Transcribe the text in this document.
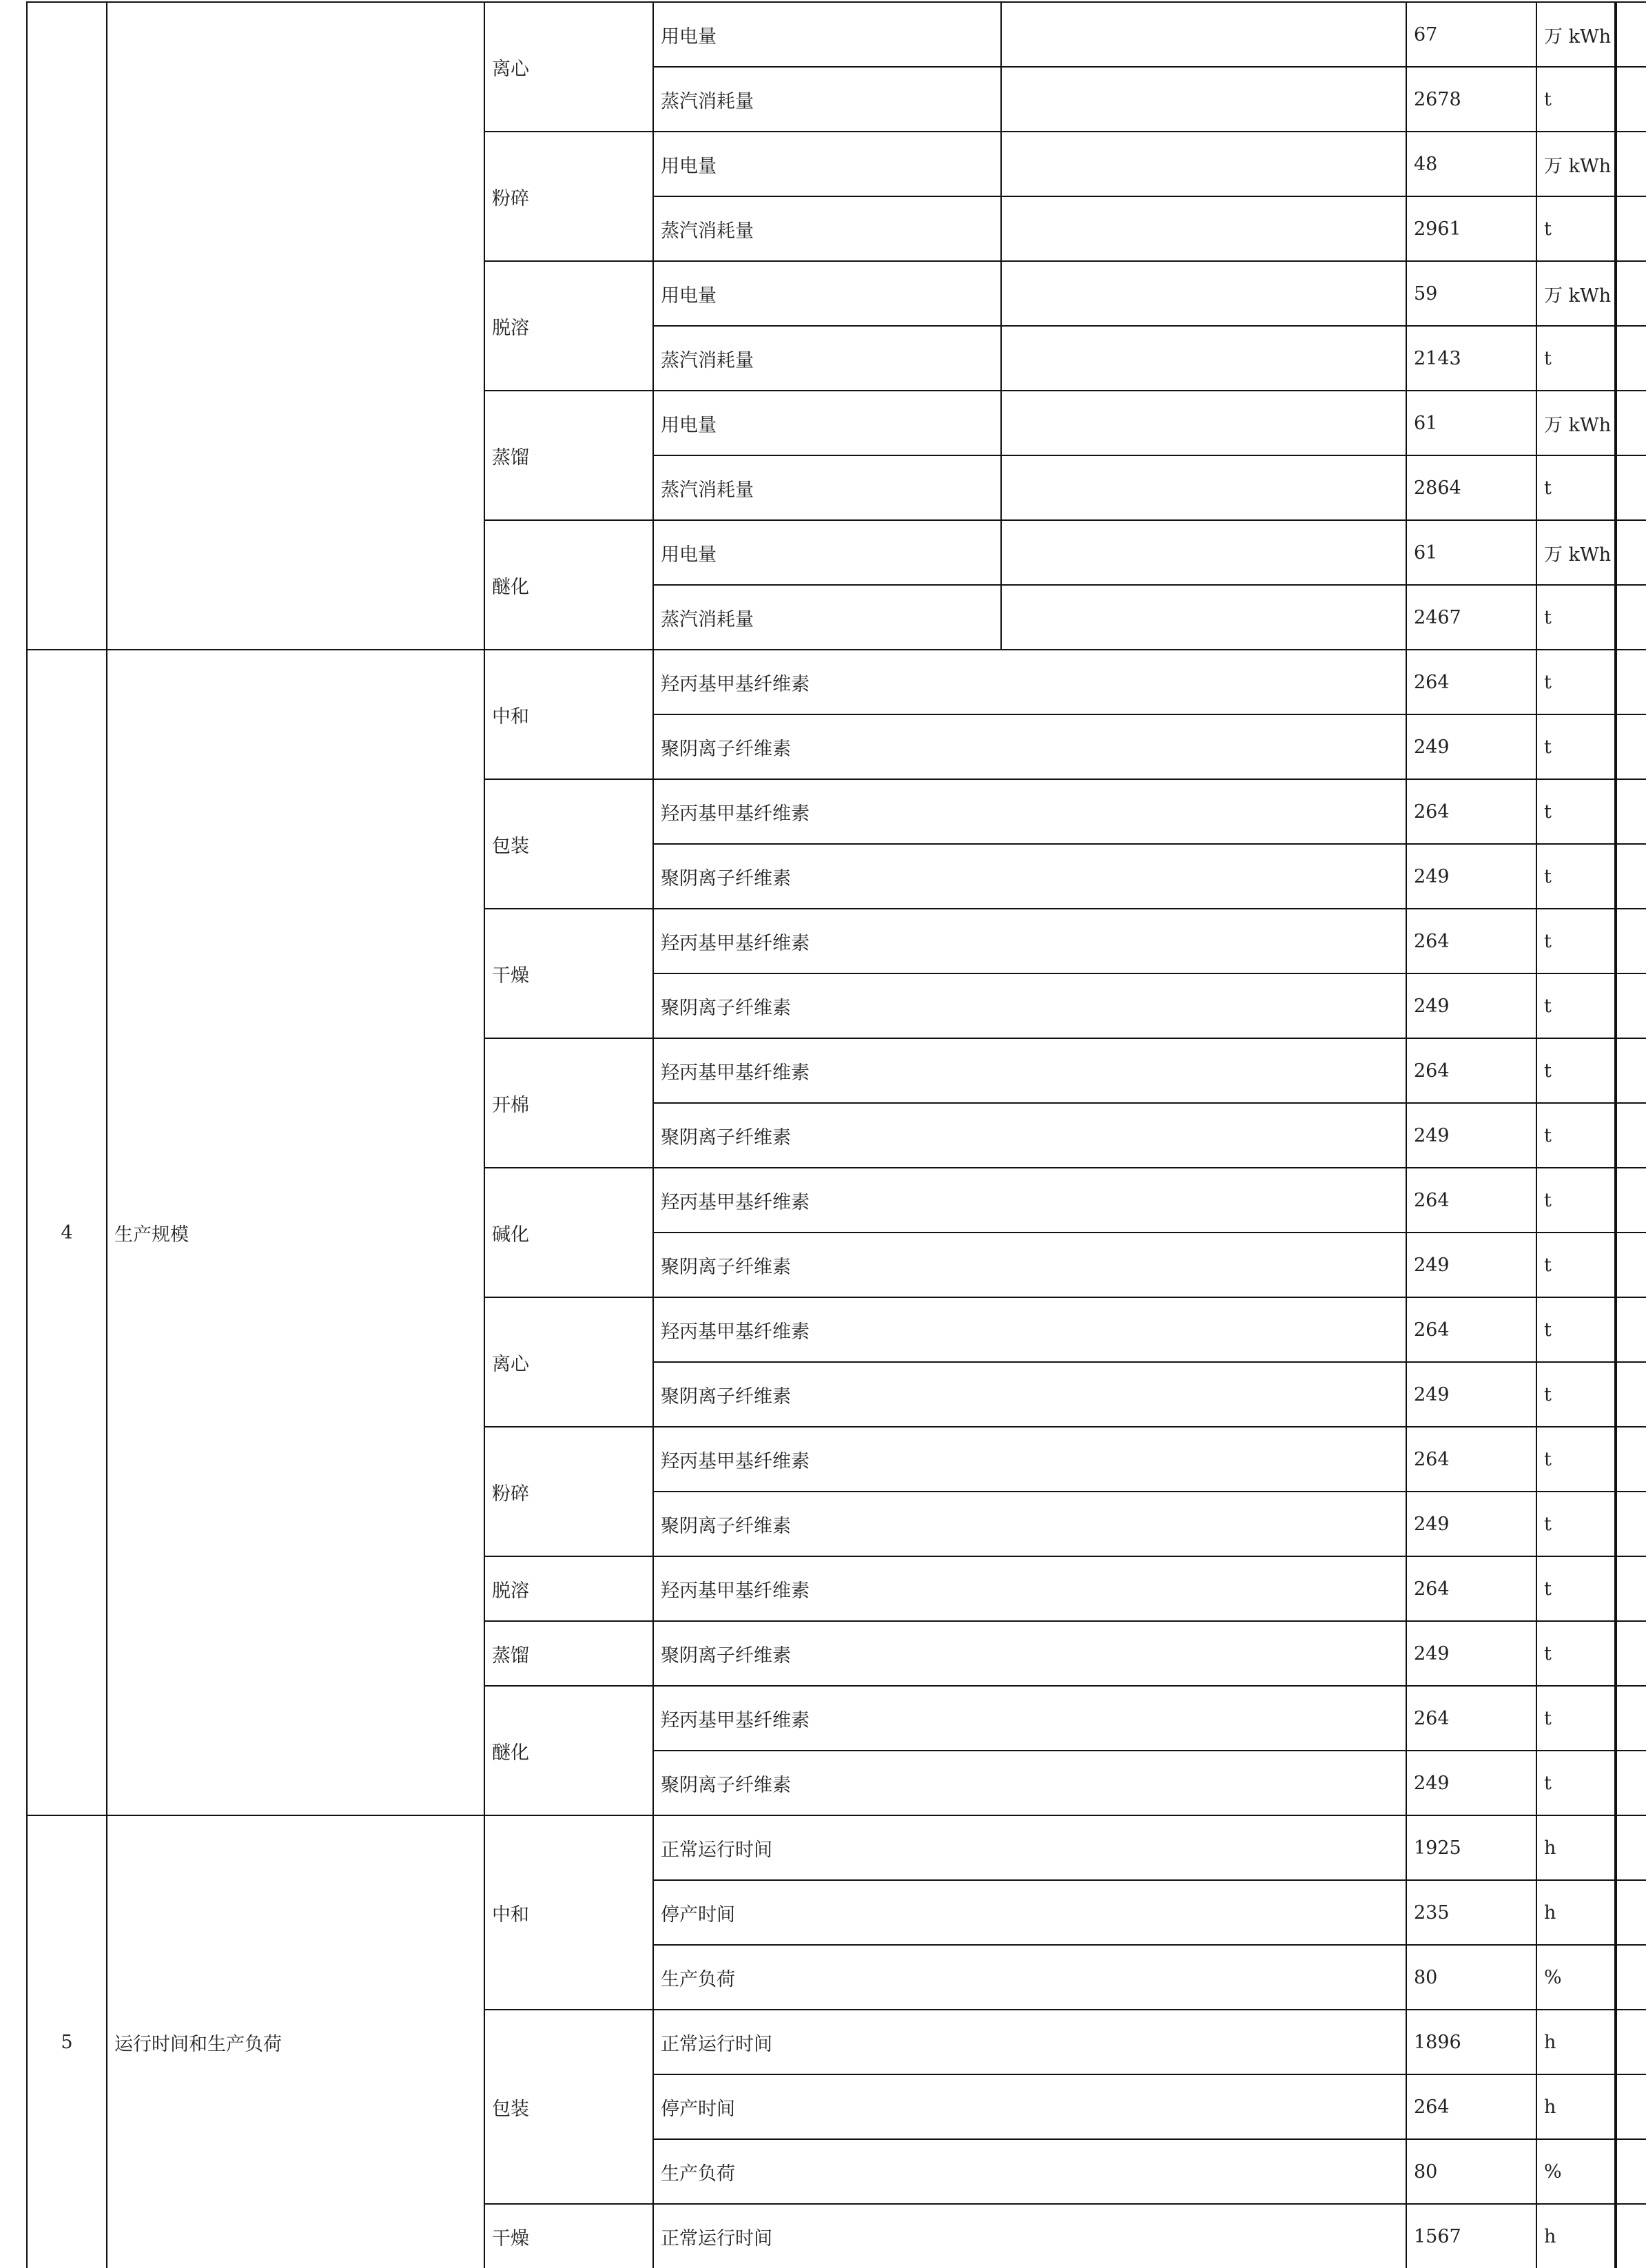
离心
用电量	67	万 kWh
蒸汽消耗量	2678	t
粉碎
用电量	48	万 kWh
蒸汽消耗量	2961	t
脱溶
用电量	59	万 kWh
蒸汽消耗量	2143	t
蒸馏
用电量	61	万 kWh
蒸汽消耗量	2864	t
醚化
用电量	61	万 kWh
蒸汽消耗量	2467	t
4	生产规模
中和
羟丙基甲基纤维素	264	t
聚阴离子纤维素	249	t
包装
羟丙基甲基纤维素	264	t
聚阴离子纤维素	249	t
干燥
羟丙基甲基纤维素	264	t
聚阴离子纤维素	249	t
开棉
羟丙基甲基纤维素	264	t
聚阴离子纤维素	249	t
碱化
羟丙基甲基纤维素	264	t
聚阴离子纤维素	249	t
离心
羟丙基甲基纤维素	264	t
聚阴离子纤维素	249	t
粉碎
羟丙基甲基纤维素	264	t
聚阴离子纤维素	249	t
脱溶	羟丙基甲基纤维素	264	t
蒸馏	聚阴离子纤维素	249	t
醚化
羟丙基甲基纤维素	264	t
聚阴离子纤维素	249	t
5	运行时间和生产负荷
中和
正常运行时间	1925	h
停产时间	235	h
生产负荷	80	%
包装
正常运行时间	1896	h
停产时间	264	h
生产负荷	80	%
干燥	正常运行时间	1567	h
